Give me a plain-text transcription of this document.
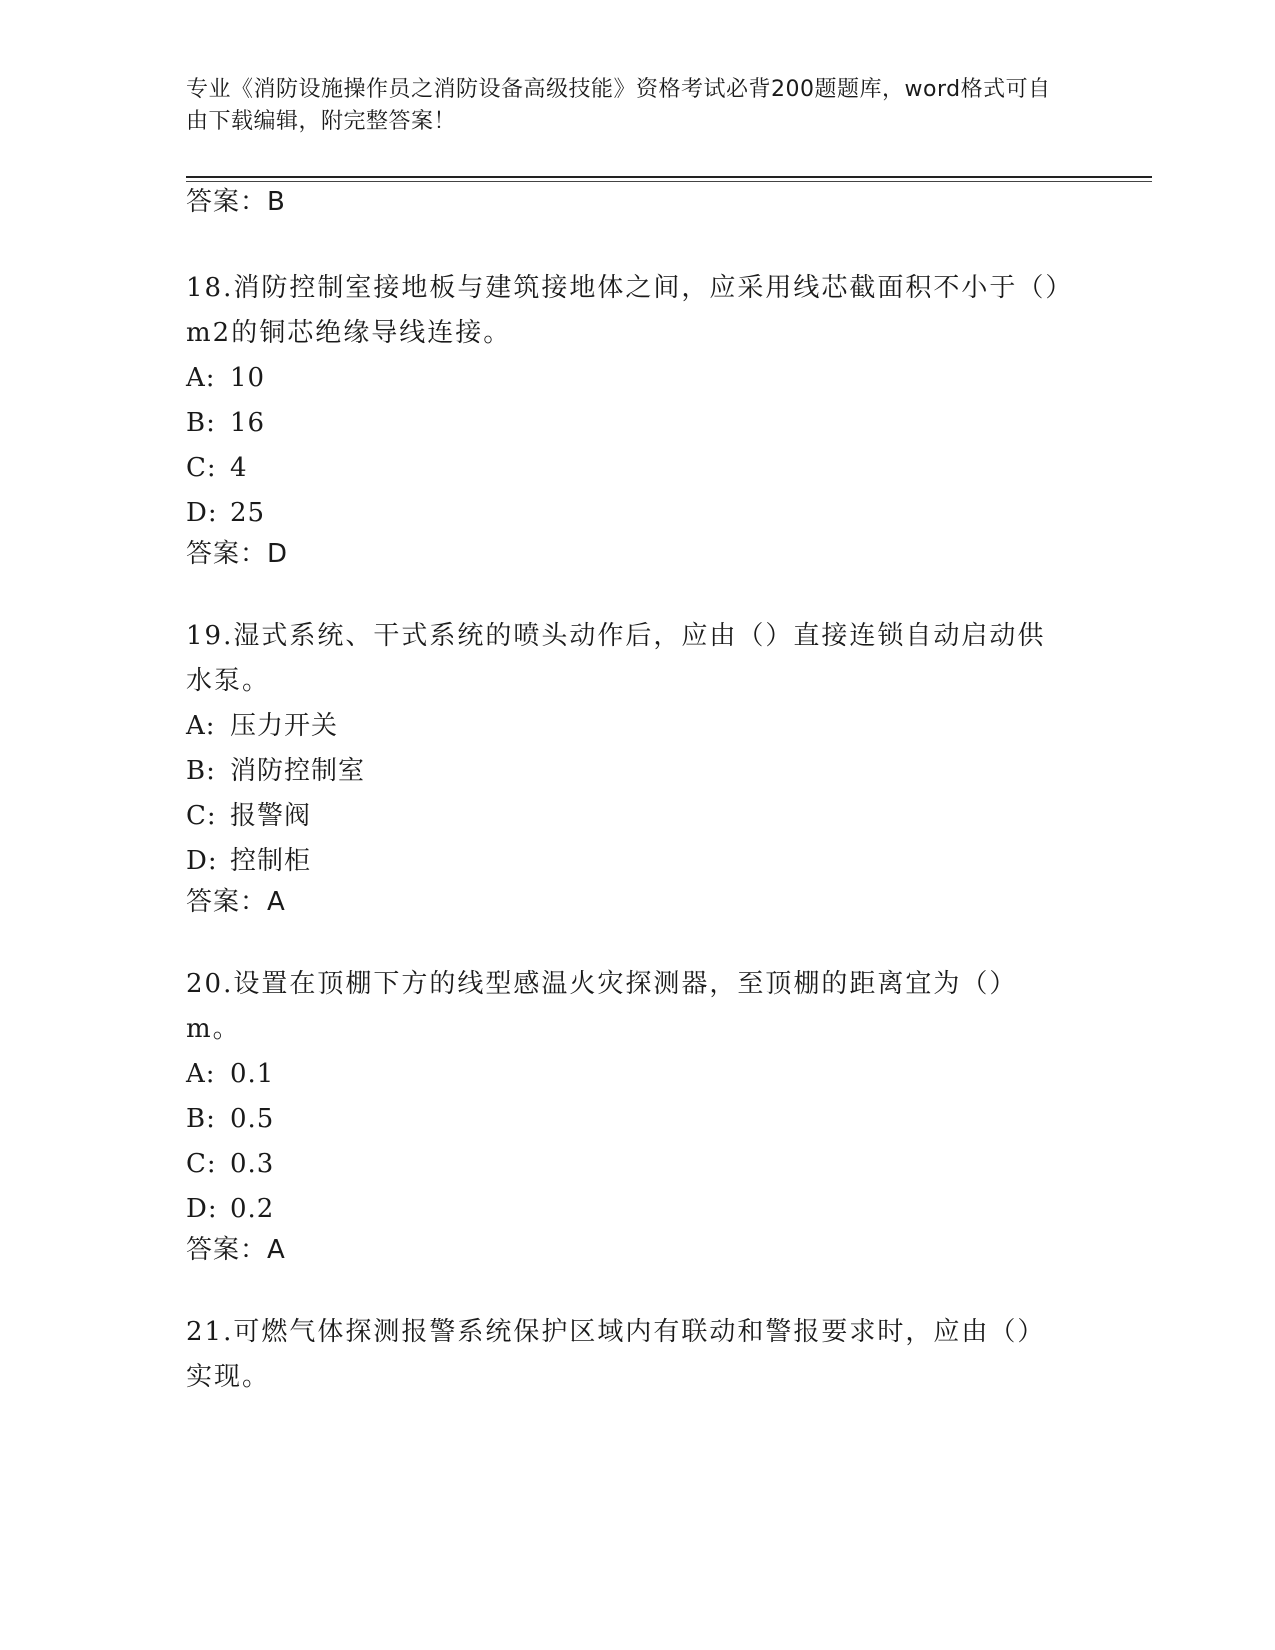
专业《消防设施操作员之消防设备高级技能》资格考试必背200题题库，word格式可自由下载编辑，附完整答案！
答案：B
18.消防控制室接地板与建筑接地体之间，应采用线芯截面积不小于（）m2的铜芯绝缘导线连接。
A: 10
B: 16
C: 4
D: 25
答案：D
19.湿式系统、干式系统的喷头动作后，应由（）直接连锁自动启动供水泵。
A: 压力开关
B: 消防控制室
C: 报警阀
D: 控制柜
答案：A
20.设置在顶棚下方的线型感温火灾探测器，至顶棚的距离宜为（）m。
A: 0.1
B: 0.5
C: 0.3
D: 0.2
答案：A
21.可燃气体探测报警系统保护区域内有联动和警报要求时，应由（）实现。
